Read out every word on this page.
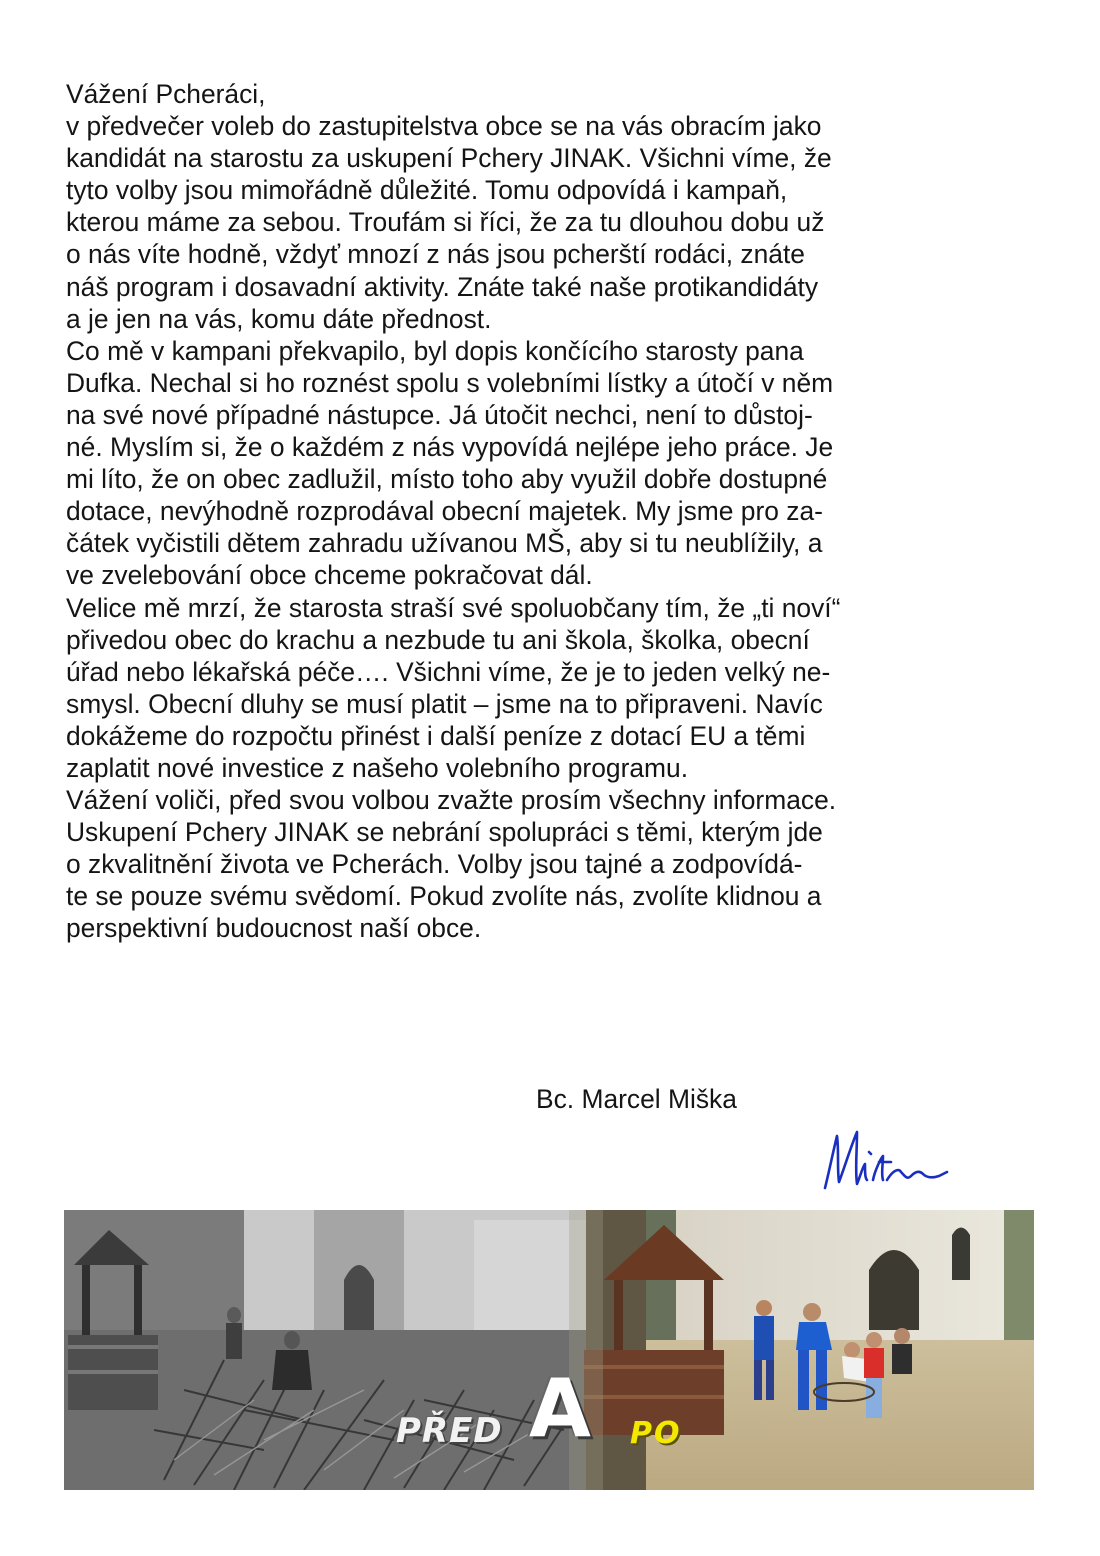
Vážení Pcheráci,
v předvečer voleb do zastupitelstva obce se na vás obracím jako
kandidát na starostu za uskupení Pchery JINAK. Všichni víme, že
tyto volby jsou mimořádně důležité. Tomu odpovídá i kampaň,
kterou máme za sebou. Troufám si říci, že za tu dlouhou dobu už
o nás víte hodně, vždyť mnozí z nás jsou pcherští rodáci, znáte
náš program i dosavadní aktivity. Znáte také naše protikandidáty
a je jen na vás, komu dáte přednost.
Co mě v kampani překvapilo, byl dopis končícího starosty pana
Dufka. Nechal si ho roznést spolu s volebními lístky a útočí v něm
na své nové případné nástupce. Já útočit nechci, není to důstoj-
né. Myslím si, že o každém z nás vypovídá nejlépe jeho práce. Je
mi líto, že on obec zadlužil, místo toho aby využil dobře dostupné
dotace, nevýhodně rozprodával obecní majetek. My jsme pro za-
čátek vyčistili dětem zahradu užívanou MŠ, aby si tu neublížily, a
ve zvelebování obce chceme pokračovat dál.
Velice mě mrzí, že starosta straší své spoluobčany tím, že „ti noví“
přivedou obec do krachu a nezbude tu ani škola, školka, obecní
úřad nebo lékařská péče…. Všichni víme, že je to jeden velký ne-
smysl. Obecní dluhy se musí platit – jsme na to připraveni. Navíc
dokážeme do rozpočtu přinést i další peníze z dotací EU a těmi
zaplatit nové investice z našeho volebního programu.
Vážení voliči, před svou volbou zvažte prosím všechny informace.
Uskupení Pchery JINAK se nebrání spolupráci s těmi, kterým jde
o zkvalitnění života ve Pcherách. Volby jsou tajné a zodpovídá-
te se pouze svému svědomí. Pokud zvolíte nás, zvolíte klidnou a
perspektivní budoucnost naší obce.
Bc. Marcel Miška
PŘED A PO
